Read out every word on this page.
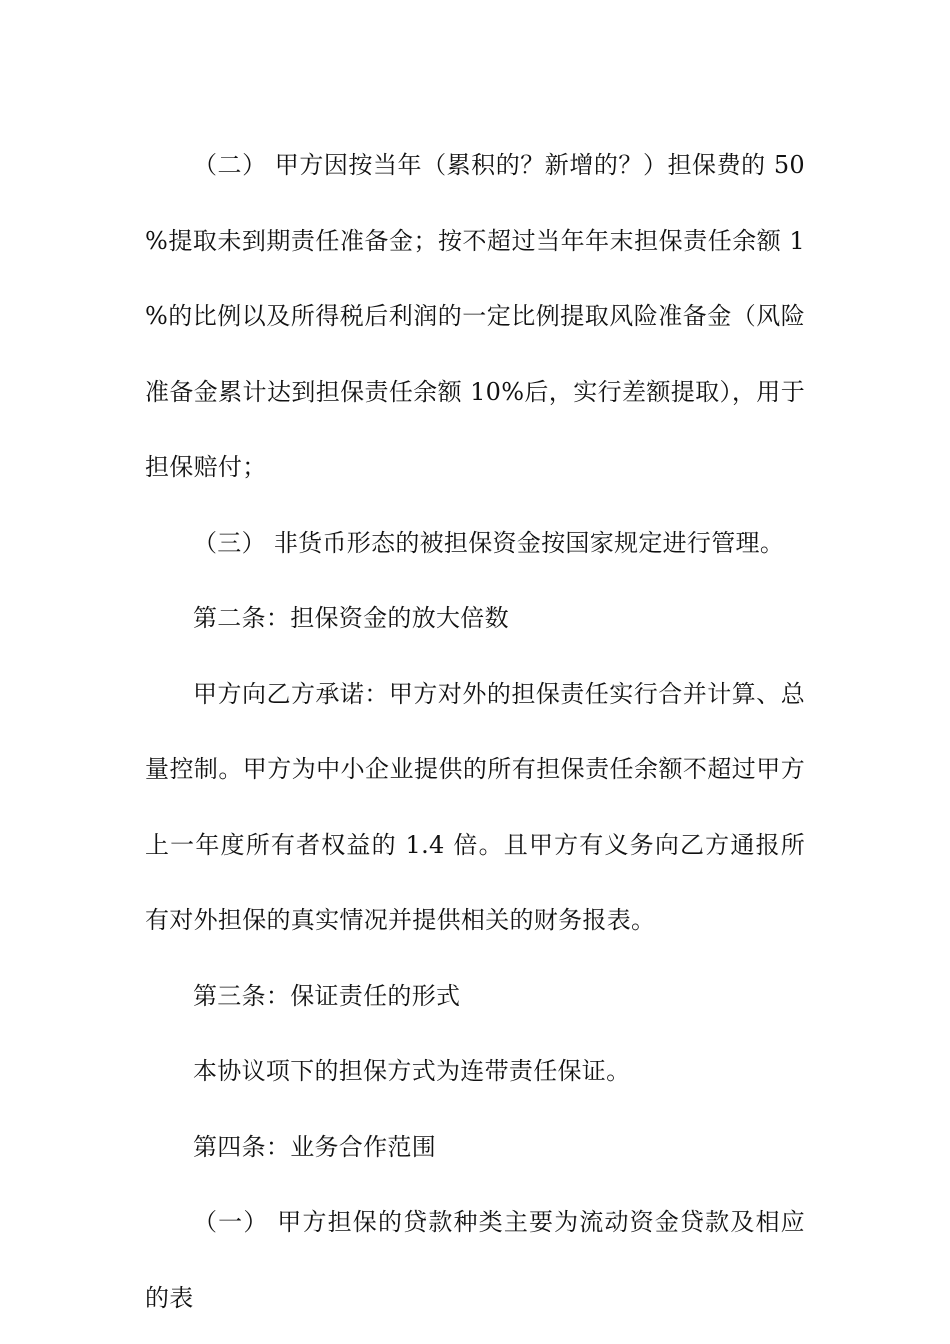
（二） 甲方因按当年（累积的？新增的？）担保费的 50%提取未到期责任准备金；按不超过当年年末担保责任余额 1%的比例以及所得税后利润的一定比例提取风险准备金（风险准备金累计达到担保责任余额 10%后，实行差额提取），用于担保赔付；

（三） 非货币形态的被担保资金按国家规定进行管理。

第二条：担保资金的放大倍数

甲方向乙方承诺：甲方对外的担保责任实行合并计算、总量控制。甲方为中小企业提供的所有担保责任余额不超过甲方上一年度所有者权益的 1.4 倍。且甲方有义务向乙方通报所有对外担保的真实情况并提供相关的财务报表。

第三条：保证责任的形式

本协议项下的担保方式为连带责任保证。

第四条：业务合作范围

（一） 甲方担保的贷款种类主要为流动资金贷款及相应的表
